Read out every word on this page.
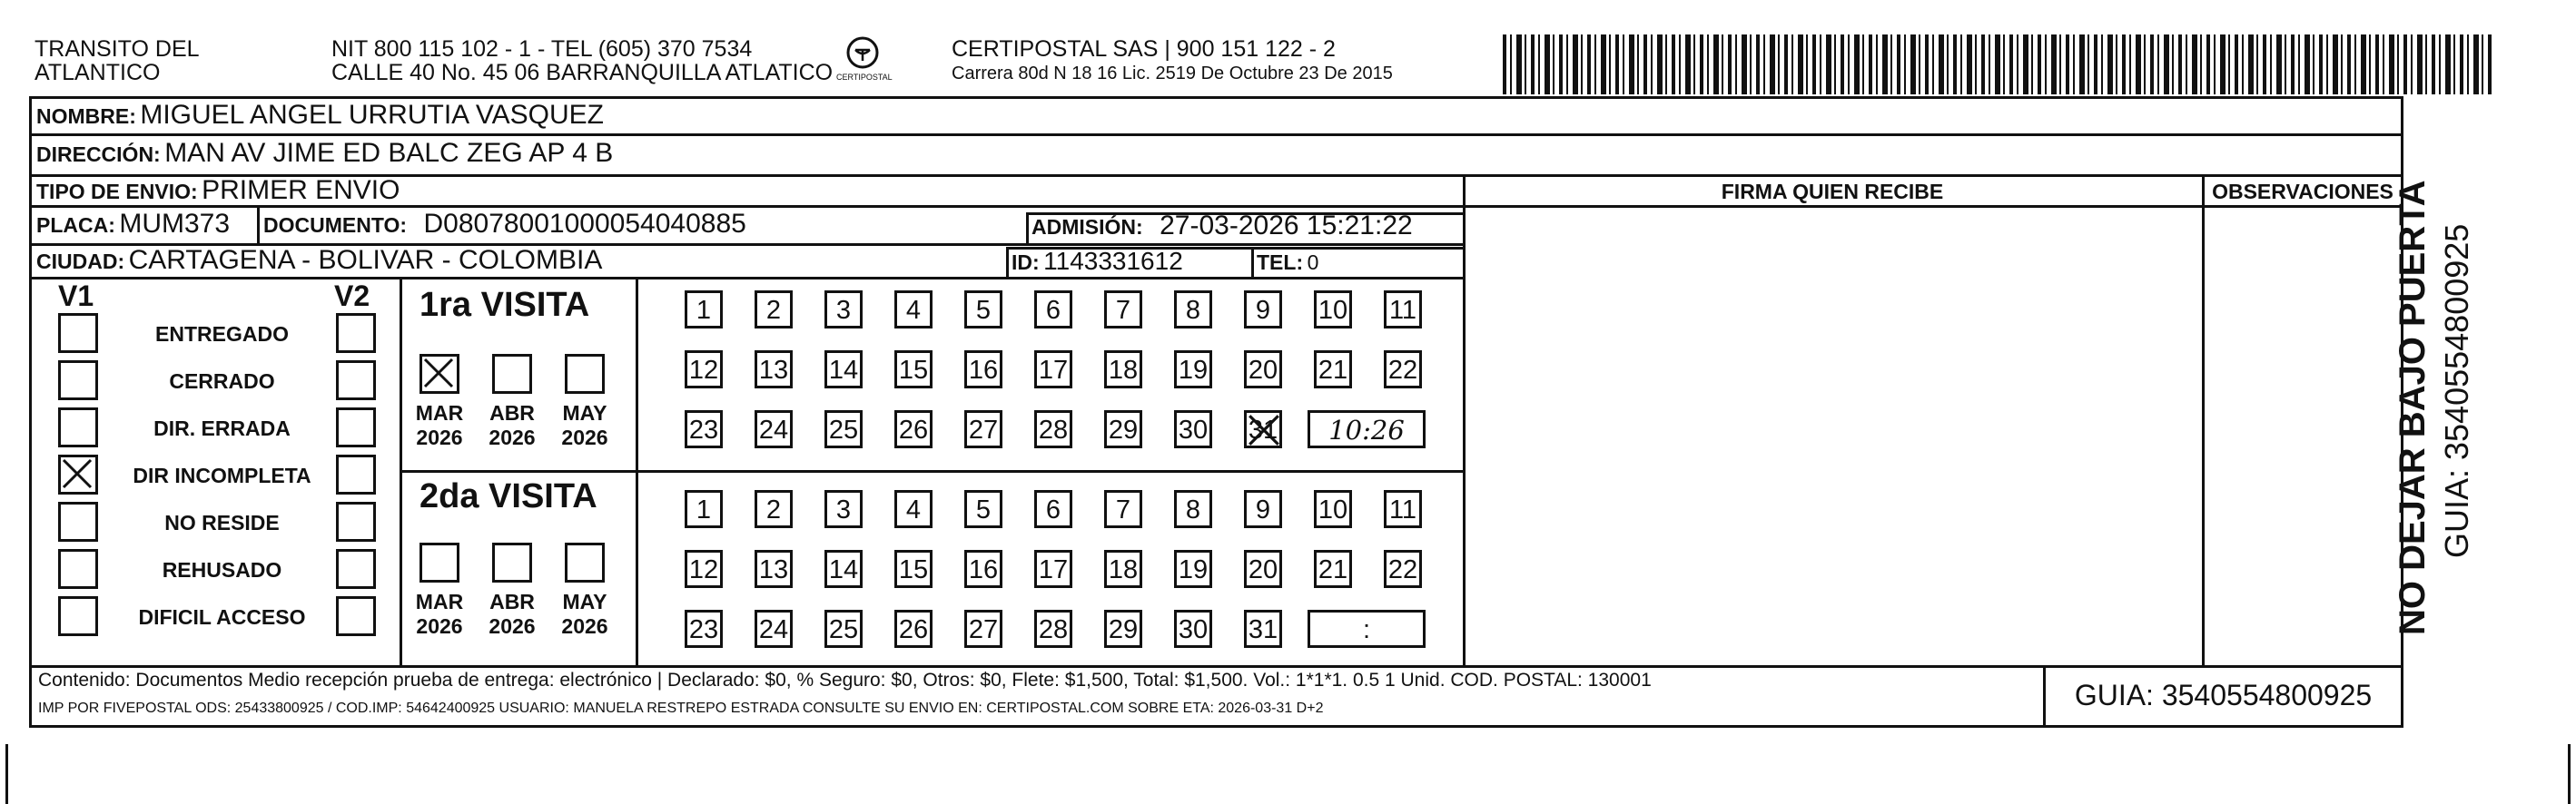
TRANSITO DEL
ATLANTICO
NIT 800 115 102 - 1 - TEL (605) 370 7534
CALLE 40 No. 45 06 BARRANQUILLA ATLATICO CERTIPOSTAL
CERTIPOSTAL SAS | 900 151 122 - 2
Carrera 80d N 18 16 Lic. 2519 De Octubre 23 De 2015
NOMBRE: MIGUEL ANGEL URRUTIA VASQUEZ
DIRECCIÓN: MAN AV JIME ED BALC ZEG AP 4 B
TIPO DE ENVIO: PRIMER ENVIO
PLACA: MUM373 DOCUMENTO: D08078001000054040885	ADMISIÓN: 27-03-2026 15:21:22
CIUDAD: CARTAGENA - BOLIVAR - COLOMBIA	ID: 1143331612	TEL: 0
FIRMA QUIEN RECIBE	OBSERVACIONES
V1	V2
ENTREGADO
CERRADO
DIR. ERRADA
DIR INCOMPLETA
NO RESIDE
REHUSADO
DIFICIL ACCESO
1ra VISITA
MAR
2026
ABR
2026
MAY
2026
1	2	3	4	5	6	7	8	9	10 11
12 13 14 15 16 17 18 19 20 21 22
23 24 25 26 27 28 29 30 31	10:26
2da VISITA
MAR
2026
ABR
2026
MAY
2026
1	2	3	4	5	6	7	8	9	10 11
12 13 14 15 16 17 18 19 20 21 22
23 24 25 26 27 28 29 30 31	:
Contenido: Documentos Medio recepción prueba de entrega: electrónico | Declarado: $0, % Seguro: $0, Otros: $0, Flete: $1,500, Total: $1,500. Vol.: 1*1*1. 0.5 1 Unid. COD. POSTAL: 130001
IMP POR FIVEPOSTAL ODS: 25433800925 / COD.IMP: 54642400925 USUARIO: MANUELA RESTREPO ESTRADA CONSULTE SU ENVIO EN: CERTIPOSTAL.COM SOBRE ETA: 2026-03-31 D+2	GUIA: 3540554800925
NO DEJAR BAJO PUERTA GUIA: 3540554800925
